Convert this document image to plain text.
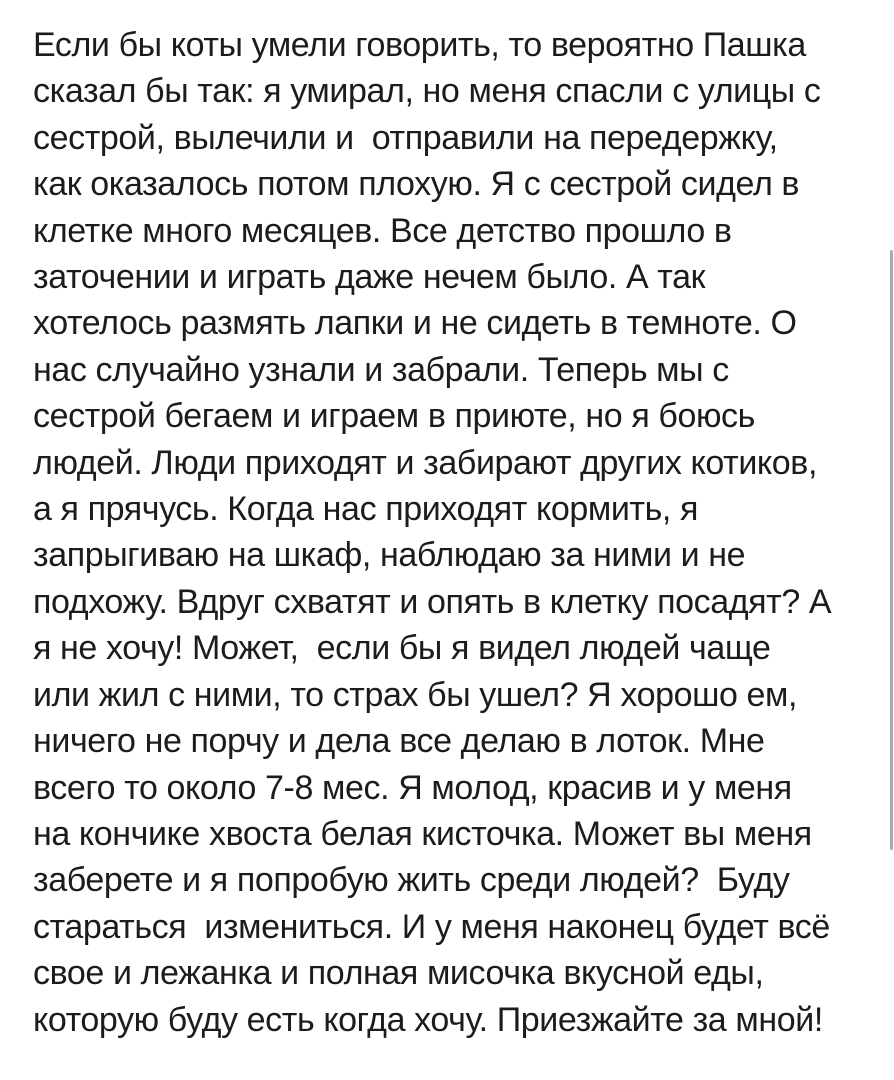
Если бы коты умели говорить, то вероятно Пашка
сказал бы так: я умирал, но меня спасли с улицы с
сестрой, вылечили и  отправили на передержку,
как оказалось потом плохую. Я с сестрой сидел в
клетке много месяцев. Все детство прошло в
заточении и играть даже нечем было. А так
хотелось размять лапки и не сидеть в темноте. О
нас случайно узнали и забрали. Теперь мы с
сестрой бегаем и играем в приюте, но я боюсь
людей. Люди приходят и забирают других котиков,
а я прячусь. Когда нас приходят кормить, я
запрыгиваю на шкаф, наблюдаю за ними и не
подхожу. Вдруг схватят и опять в клетку посадят? А
я не хочу! Может,  если бы я видел людей чаще
или жил с ними, то страх бы ушел? Я хорошо ем,
ничего не порчу и дела все делаю в лоток. Мне
всего то около 7-8 мес. Я молод, красив и у меня
на кончике хвоста белая кисточка. Может вы меня
заберете и я попробую жить среди людей?  Буду
стараться  измениться. И у меня наконец будет всё
свое и лежанка и полная мисочка вкусной еды,
которую буду есть когда хочу. Приезжайте за мной!
